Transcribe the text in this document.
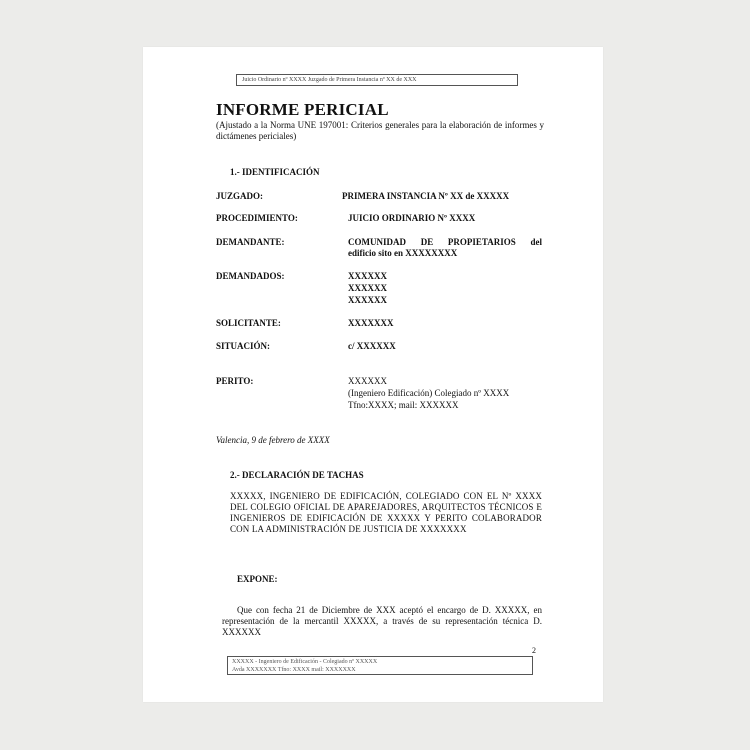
Juicio Ordinario nº XXXX Juzgado de Primera Instancia nº XX de XXX
INFORME PERICIAL
(Ajustado a la Norma UNE 197001: Criterios generales para la elaboración de informes y dictámenes periciales)
1.- IDENTIFICACIÓN
JUZGADO:	PRIMERA INSTANCIA Nº XX de XXXXX
PROCEDIMIENTO:	JUICIO ORDINARIO Nº XXXX
DEMANDANTE:	COMUNIDAD DE PROPIETARIOS del
edificio sito en XXXXXXXX
DEMANDADOS:	XXXXXX
XXXXXX
XXXXXX
SOLICITANTE:	XXXXXXX
SITUACIÓN:	c/ XXXXXX
PERITO:	XXXXXX
(Ingeniero Edificación) Colegiado nº XXXX
Tfno:XXXX; mail: XXXXXX
Valencia, 9 de febrero de XXXX
2.- DECLARACIÓN DE TACHAS
XXXXX, INGENIERO DE EDIFICACIÓN, COLEGIADO CON EL Nº XXXX DEL COLEGIO OFICIAL DE APAREJADORES, ARQUITECTOS TÉCNICOS E INGENIEROS DE EDIFICACIÓN DE XXXXX Y PERITO COLABORADOR CON LA ADMINISTRACIÓN DE JUSTICIA DE XXXXXXX
EXPONE:
Que con fecha 21 de Diciembre de XXX aceptó el encargo de D. XXXXX, en representación de la mercantil XXXXX, a través de su representación técnica D. XXXXXX
2
XXXXX - Ingeniero de Edificación - Colegiado nº XXXXX
Avda XXXXXXX Tfno: XXXX mail: XXXXXXX
